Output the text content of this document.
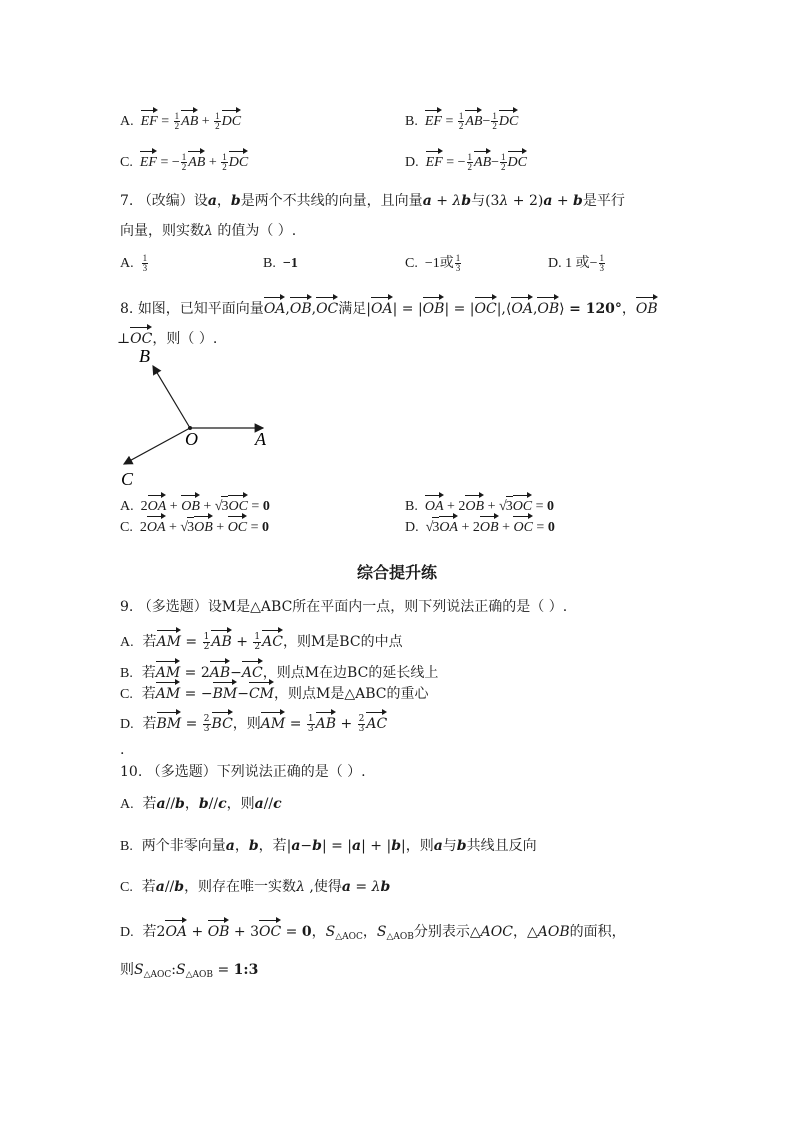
A. EF = $\frac{1}{2}$ AB + $\frac{1}{2}$ DC	B. EF = $\frac{1}{2} AB- \frac{1}{2}$ DC
C. EF = − $\frac{1}{2}$ AB + $\frac{1}{2}$ DC	D. EF = − $\frac{1}{2} AB- \frac{1}{2}$ DC
7. （改编）设a，b是两个不共线的向量，且向量a + λb与(3λ + 2)a + b是平行
向量，则实数λ 的值为（ ）.
A. $\frac{1}{3}$	B. −1	C. −1或 $\frac{1}{3}$	D. 1 或− $\frac{1}{3}$
8. 如图，已知平面向量OA,OB,OC满足|OA| = |OB| = |OC|,⟨OA,OB⟩ = 120°，OB
⊥OC，则（ ）.
B
O	A
C
A.  2OA + OB + √3OC = 0	B. OA + 2OB + √3OC = 0
C.  2OA + √3OB + OC = 0	D.  √3OA + 2OB + OC = 0
综合提升练
9. （多选题）设M是△ABC所在平面内一点，则下列说法正确的是（ ）.
A. 若AM = $\frac{1}{2}$ AB + $\frac{1}{2}$ AC，则M是BC的中点
B. 若AM = 2AB−AC，则点M在边BC的延长线上
C. 若AM = −BM−CM，则点M是△ABC的重心
D. 若BM = $\frac{2}{3}$ BC，则AM = $\frac{1}{3}$ AB + $\frac{2}{3}$ AC
.
10. （多选题）下列说法正确的是（ ）.
A. 若a//b，b//c，则a//c
B. 两个非零向量a，b，若|a−b| = |a| + |b|，则a与b共线且反向
C. 若a//b，则存在唯一实数λ ,使得a = λb
D. 若2OA + OB + 3OC = 0，$S_{\triangle AOC}$，$S_{\triangle AOB}$分别表示△AOC，△AOB的面积，
则$S_{\triangle AOC}:S_{\triangle AOB}$ = 1:3
